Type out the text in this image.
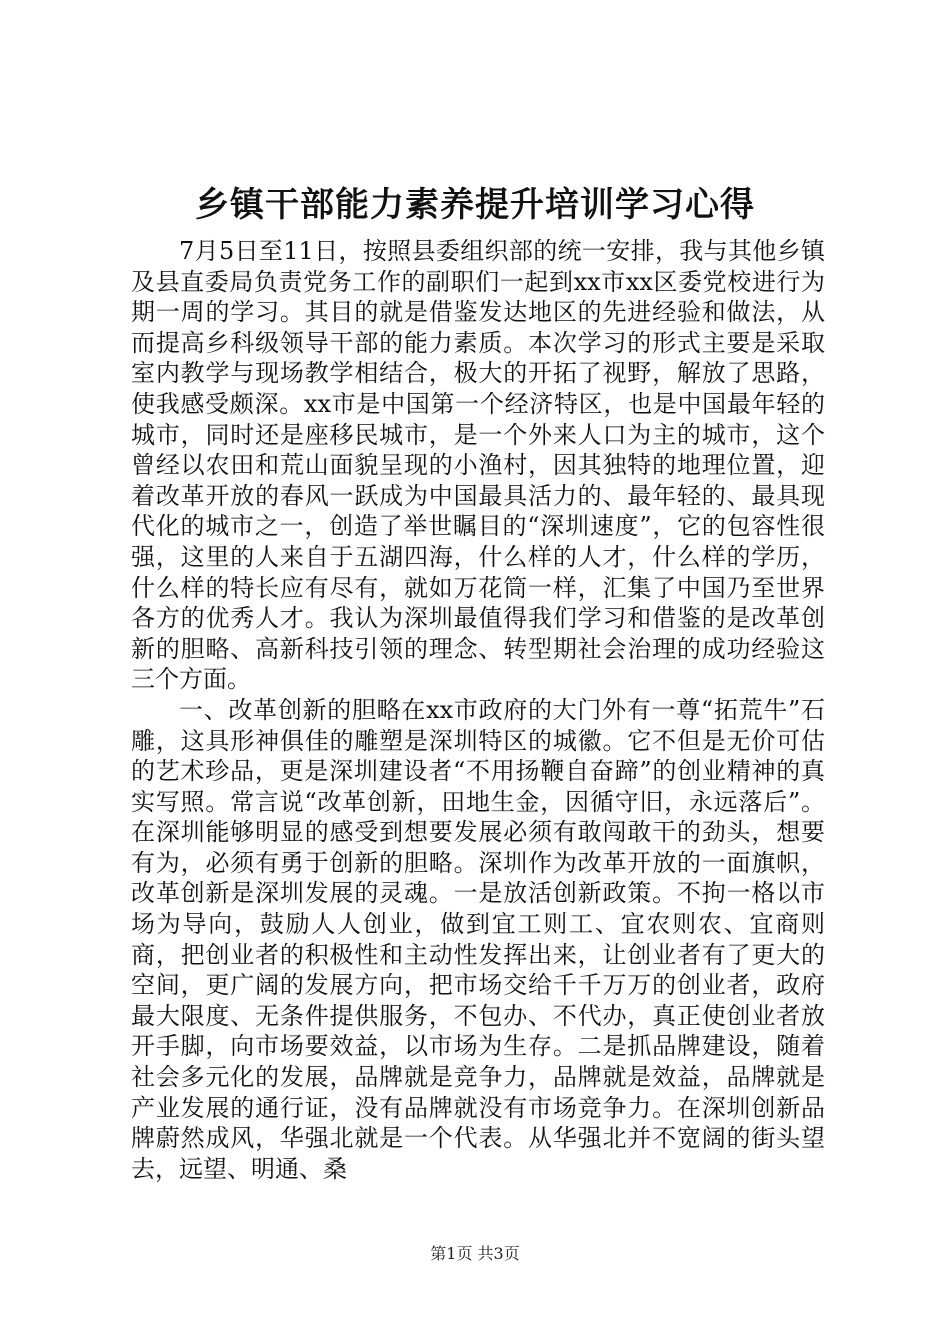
乡镇干部能力素养提升培训学习心得

7月5日至11日，按照县委组织部的统一安排，我与其他乡镇及县直委局负责党务工作的副职们一起到xx市xx区委党校进行为期一周的学习。其目的就是借鉴发达地区的先进经验和做法，从而提高乡科级领导干部的能力素质。本次学习的形式主要是采取室内教学与现场教学相结合，极大的开拓了视野，解放了思路，使我感受颇深。xx市是中国第一个经济特区，也是中国最年轻的城市，同时还是座移民城市，是一个外来人口为主的城市，这个曾经以农田和荒山面貌呈现的小渔村，因其独特的地理位置，迎着改革开放的春风一跃成为中国最具活力的、最年轻的、最具现代化的城市之一，创造了举世瞩目的“深圳速度”，它的包容性很强，这里的人来自于五湖四海，什么样的人才，什么样的学历，什么样的特长应有尽有，就如万花筒一样，汇集了中国乃至世界各方的优秀人才。我认为深圳最值得我们学习和借鉴的是改革创新的胆略、高新科技引领的理念、转型期社会治理的成功经验这三个方面。

一、改革创新的胆略在xx市政府的大门外有一尊“拓荒牛”石雕，这具形神俱佳的雕塑是深圳特区的城徽。它不但是无价可估的艺术珍品，更是深圳建设者“不用扬鞭自奋蹄”的创业精神的真实写照。常言说“改革创新，田地生金，因循守旧，永远落后”。在深圳能够明显的感受到想要发展必须有敢闯敢干的劲头，想要有为，必须有勇于创新的胆略。深圳作为改革开放的一面旗帜，改革创新是深圳发展的灵魂。一是放活创新政策。不拘一格以市场为导向，鼓励人人创业，做到宜工则工、宜农则农、宜商则商，把创业者的积极性和主动性发挥出来，让创业者有了更大的空间，更广阔的发展方向，把市场交给千千万万的创业者，政府最大限度、无条件提供服务，不包办、不代办，真正使创业者放开手脚，向市场要效益，以市场为生存。二是抓品牌建设，随着社会多元化的发展，品牌就是竞争力，品牌就是效益，品牌就是产业发展的通行证，没有品牌就没有市场竞争力。在深圳创新品牌蔚然成风，华强北就是一个代表。从华强北并不宽阔的街头望去，远望、明通、桑

第1页 共3页
